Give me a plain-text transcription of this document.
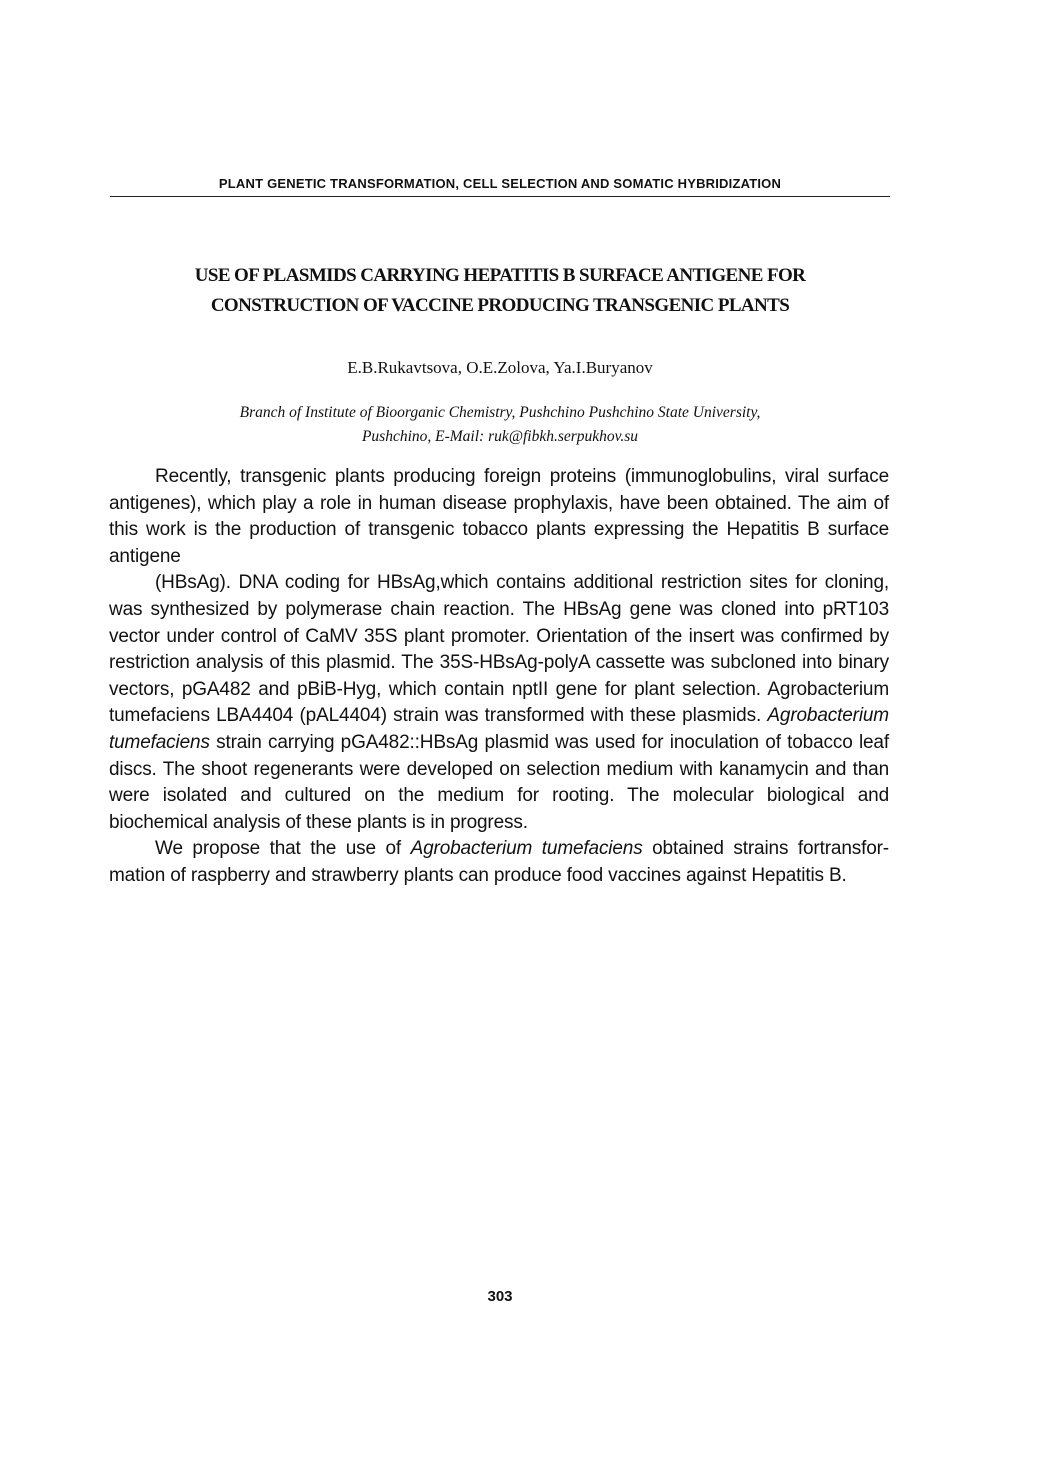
PLANT GENETIC TRANSFORMATION, CELL SELECTION AND SOMATIC HYBRIDIZATION
USE OF PLASMIDS CARRYING HEPATITIS B SURFACE ANTIGENE FOR
CONSTRUCTION OF VACCINE PRODUCING TRANSGENIC PLANTS
E.B.Rukavtsova, O.E.Zolova, Ya.I.Buryanov
Branch of Institute of Bioorganic Chemistry, Pushchino Pushchino State University,
Pushchino, E-Mail: ruk@fibkh.serpukhov.su

Recently, transgenic plants producing foreign proteins (immunoglobulins, viral surface antigenes), which play a role in human disease prophylaxis, have been obtained. The aim of this work is the production of transgenic tobacco plants expressing the Hepatitis B surface antigene

(HBsAg). DNA coding for HBsAg,which contains additional restriction sites for cloning, was synthesized by polymerase chain reaction. The HBsAg gene was cloned into pRT103 vector under control of CaMV 35S plant promoter. Orientation of the insert was confirmed by restriction analysis of this plasmid. The 35S-HBsAg-polyA cassette was subcloned into binary vectors, pGA482 and pBiB-Hyg, which contain nptII gene for plant selection. Agrobacterium tumefaciens LBA4404 (pAL4404) strain was transformed with these plasmids. Agrobacterium tumefaciens strain carrying pGA482::HBsAg plasmid was used for inoculation of tobacco leaf discs. The shoot regenerants were developed on selection medium with kanamycin and than were isolated and cultured on the medium for rooting. The molecular biological and biochemical analysis of these plants is in progress.

We propose that the use of Agrobacterium tumefaciens obtained strains fortransfor-mation of raspberry and strawberry plants can produce food vaccines against Hepatitis B.

303
